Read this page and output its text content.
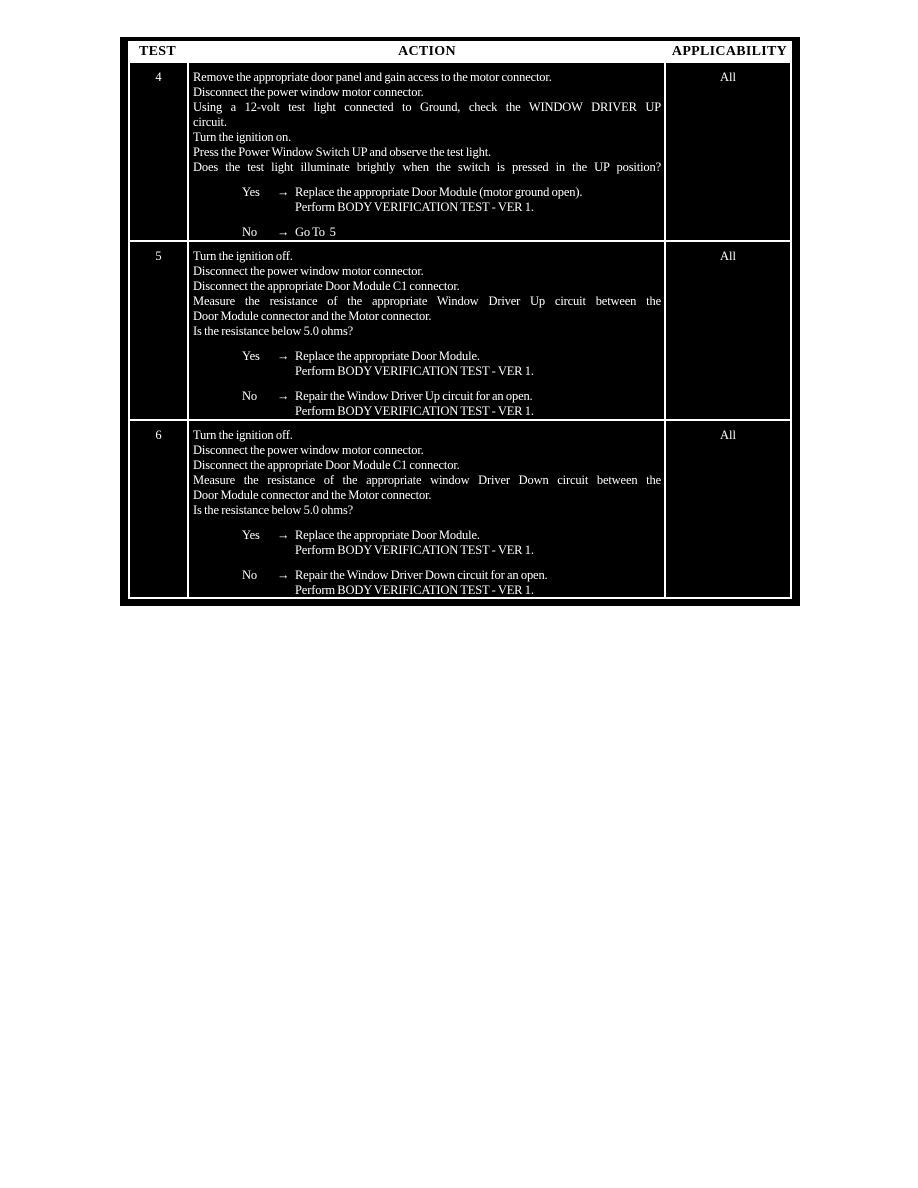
TEST	ACTION	APPLICABILITY
4	Remove the appropriate door panel and gain access to the motor connector.
Disconnect the power window motor connector.
Using a 12-volt test light connected to Ground, check the WINDOW DRIVER UP
circuit.
Turn the ignition on.
Press the Power Window Switch UP and observe the test light.
Does the test light illuminate brightly when the switch is pressed in the UP position?
Yes	→ Replace the appropriate Door Module (motor ground open).
Perform BODY VERIFICATION TEST - VER 1.
No	→ Go To  5
All
5	Turn the ignition off.
Disconnect the power window motor connector.
Disconnect the appropriate Door Module C1 connector.
Measure the resistance of the appropriate Window Driver Up circuit between the
Door Module connector and the Motor connector.
Is the resistance below 5.0 ohms?
Yes	→ Replace the appropriate Door Module.
Perform BODY VERIFICATION TEST - VER 1.
No	→ Repair the Window Driver Up circuit for an open.
Perform BODY VERIFICATION TEST - VER 1.
All
6	Turn the ignition off.
Disconnect the power window motor connector.
Disconnect the appropriate Door Module C1 connector.
Measure the resistance of the appropriate window Driver Down circuit between the
Door Module connector and the Motor connector.
Is the resistance below 5.0 ohms?
Yes	→ Replace the appropriate Door Module.
Perform BODY VERIFICATION TEST - VER 1.
No	→ Repair the Window Driver Down circuit for an open.
Perform BODY VERIFICATION TEST - VER 1.
All
